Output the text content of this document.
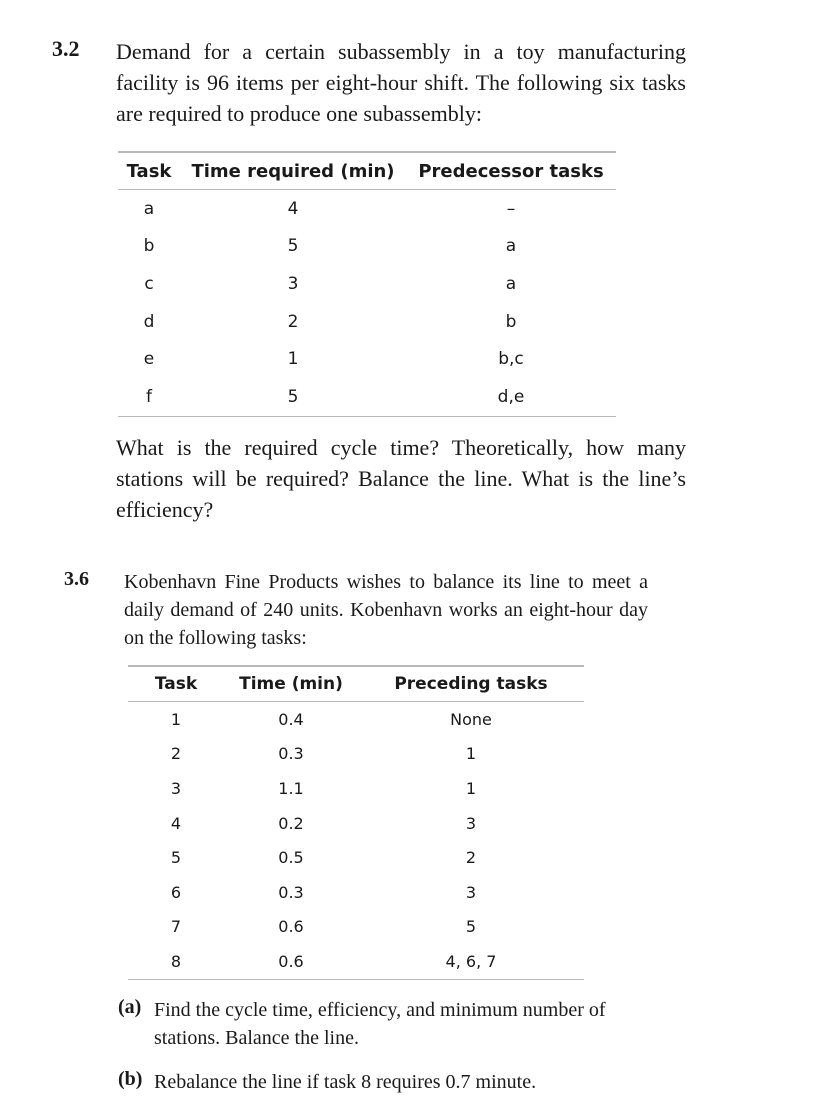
3.2 Demand for a certain subassembly in a toy manufacturing facility is 96 items per eight-hour shift. The following six tasks are required to produce one subassembly:
Task	Time required (min)	Predecessor tasks
a	4	–
b	5	a
c	3	a
d	2	b
e	1	b,c
f	5	d,e
What is the required cycle time? Theoretically, how many stations will be required? Balance the line. What is the line’s efficiency?
3.6 Kobenhavn Fine Products wishes to balance its line to meet a daily demand of 240 units. Kobenhavn works an eight-hour day on the following tasks:
Task	Time (min)	Preceding tasks
1	0.4	None
2	0.3	1
3	1.1	1
4	0.2	3
5	0.5	2
6	0.3	3
7	0.6	5
8	0.6	4, 6, 7
(a) Find the cycle time, efficiency, and minimum number of stations. Balance the line.
(b) Rebalance the line if task 8 requires 0.7 minute.
